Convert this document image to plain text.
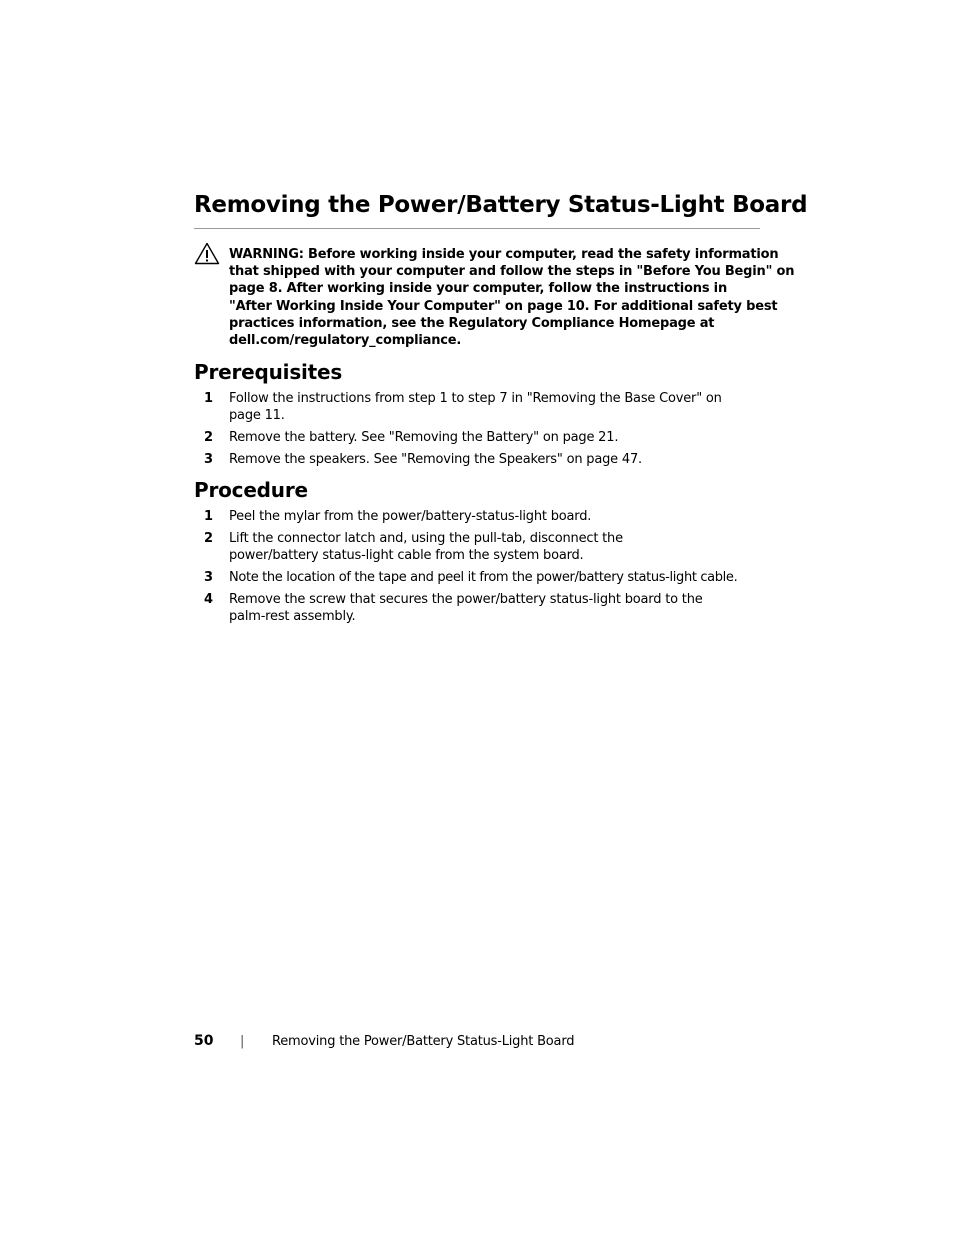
Removing the Power/Battery Status-Light Board
WARNING: Before working inside your computer, read the safety information
that shipped with your computer and follow the steps in "Before You Begin" on
page 8. After working inside your computer, follow the instructions in
"After Working Inside Your Computer" on page 10. For additional safety best
practices information, see the Regulatory Compliance Homepage at
dell.com/regulatory_compliance.
Prerequisites
1 Follow the instructions from step 1 to step 7 in "Removing the Base Cover" on
page 11.
2 Remove the battery. See "Removing the Battery" on page 21.
3 Remove the speakers. See "Removing the Speakers" on page 47.
Procedure
1 Peel the mylar from the power/battery-status-light board.
2 Lift the connector latch and, using the pull-tab, disconnect the
power/battery status-light cable from the system board.
3 Note the location of the tape and peel it from the power/battery status-light cable.
4 Remove the screw that secures the power/battery status-light board to the
palm-rest assembly.
50 | Removing the Power/Battery Status-Light Board
